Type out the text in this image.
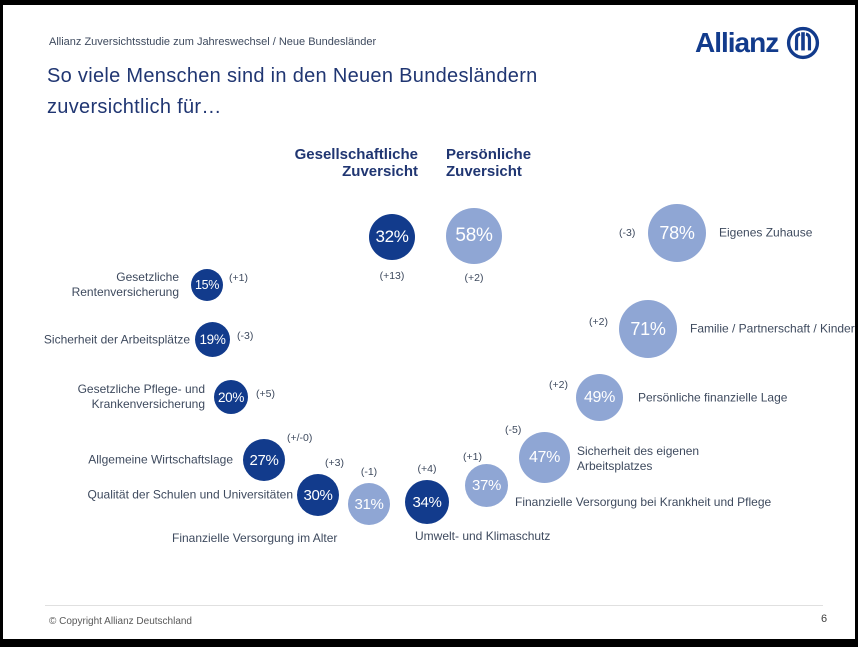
Allianz Zuversichtsstudie zum Jahreswechsel / Neue Bundesländer	Allianz
So viele Menschen sind in den Neuen Bundesländern
zuversichtlich für…
Gesellschaftliche Zuversicht
Persönliche Zuversicht
32%
(+13)
58%
(+2)
15% (+1)
Gesetzliche Rentenversicherung
19% (-3)
Sicherheit der Arbeitsplätze
20% (+5)
Gesetzliche Pflege- und Krankenversicherung
27%
(+/-0)
Allgemeine Wirtschaftslage
30%
(+3)
Qualität der Schulen und Universitäten
31%
(-1)
Finanzielle Versorgung im Alter
34%
(+4)
Umwelt- und Klimaschutz
37%
(+1)
Finanzielle Versorgung bei Krankheit und Pflege
47%
(-5)
Sicherheit des eigenen Arbeitsplatzes
49%
(+2)
Persönliche finanzielle Lage
71%
(+2)	Familie / Partnerschaft / Kinder
78%
(-3)	Eigenes Zuhause
© Copyright Allianz Deutschland	6
